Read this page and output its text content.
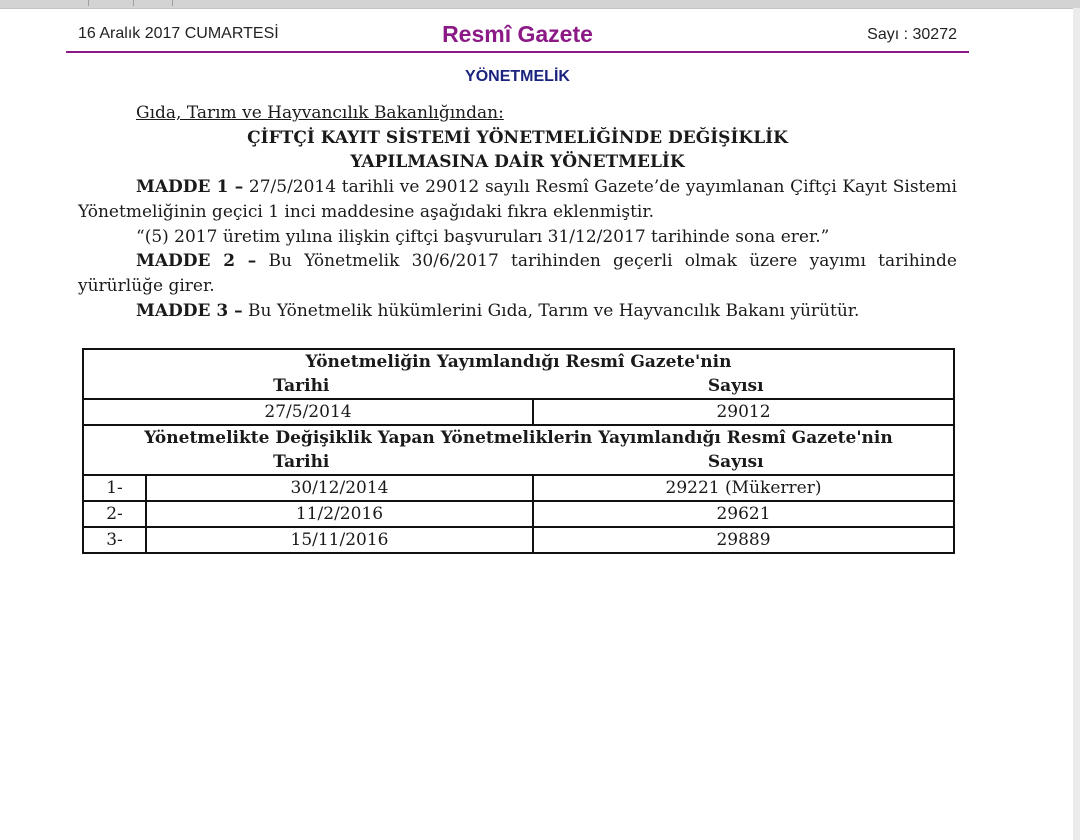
16 Aralık 2017 CUMARTESİ	Resmî Gazete	Sayı : 30272
YÖNETMELİK

Gıda, Tarım ve Hayvancılık Bakanlığından:

ÇİFTÇİ KAYIT SİSTEMİ YÖNETMELİĞİNDE DEĞİŞİKLİK

YAPILMASINA DAİR YÖNETMELİK

MADDE 1 – 27/5/2014 tarihli ve 29012 sayılı Resmî Gazete’de yayımlanan Çiftçi Kayıt Sistemi Yönetmeliğinin geçici 1 inci maddesine aşağıdaki fıkra eklenmiştir.

“(5) 2017 üretim yılına ilişkin çiftçi başvuruları 31/12/2017 tarihinde sona erer.”

MADDE 2 – Bu Yönetmelik 30/6/2017 tarihinden geçerli olmak üzere yayımı tarihinde yürürlüğe girer.

MADDE 3 – Bu Yönetmelik hükümlerini Gıda, Tarım ve Hayvancılık Bakanı yürütür.

Yönetmeliğin Yayımlandığı Resmî Gazete'nin
Tarihi	Sayısı

27/5/2014	29012

Yönetmelikte Değişiklik Yapan Yönetmeliklerin Yayımlandığı Resmî Gazete'nin
Tarihi	Sayısı

1-	30/12/2014	29221 (Mükerrer)
2-	11/2/2016	29621
3-	15/11/2016	29889
